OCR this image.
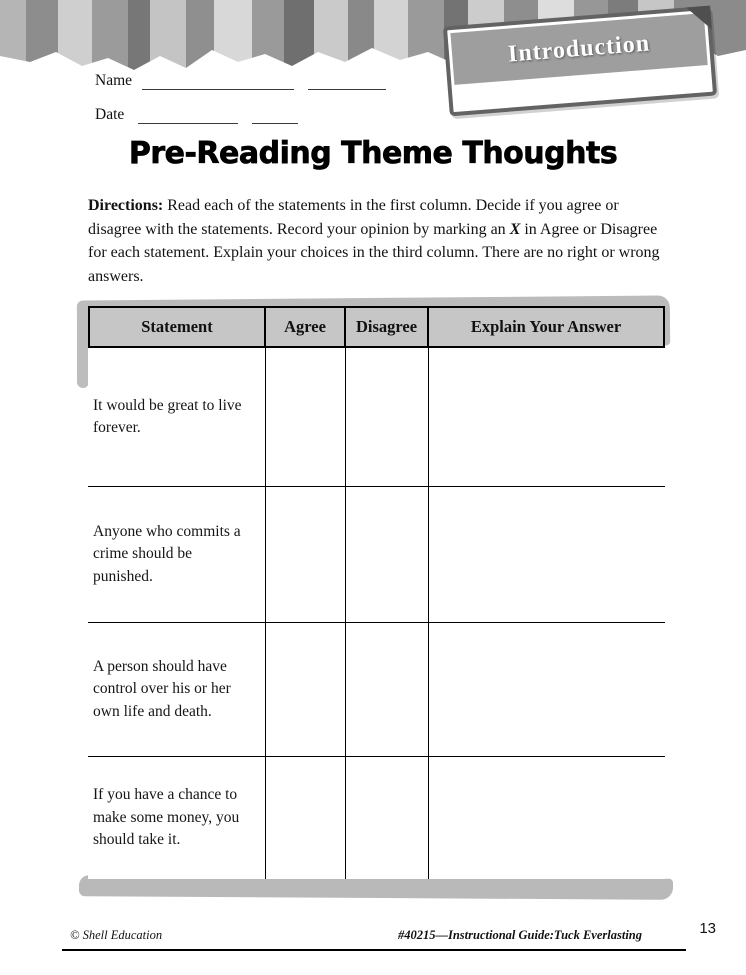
Introduction
Name
Date
Pre-Reading Theme Thoughts

Directions: Read each of the statements in the first column. Decide if you agree or disagree with the statements. Record your opinion by marking an X in Agree or Disagree for each statement. Explain your choices in the third column. There are no right or wrong answers.

Statement	Agree	Disagree	Explain Your Answer
It would be great to live forever.
Anyone who commits a crime should be punished.
A person should have control over his or her own life and death.
If you have a chance to make some money, you should take it.
© Shell Education	#40215—Instructional Guide:Tuck Everlasting	13
